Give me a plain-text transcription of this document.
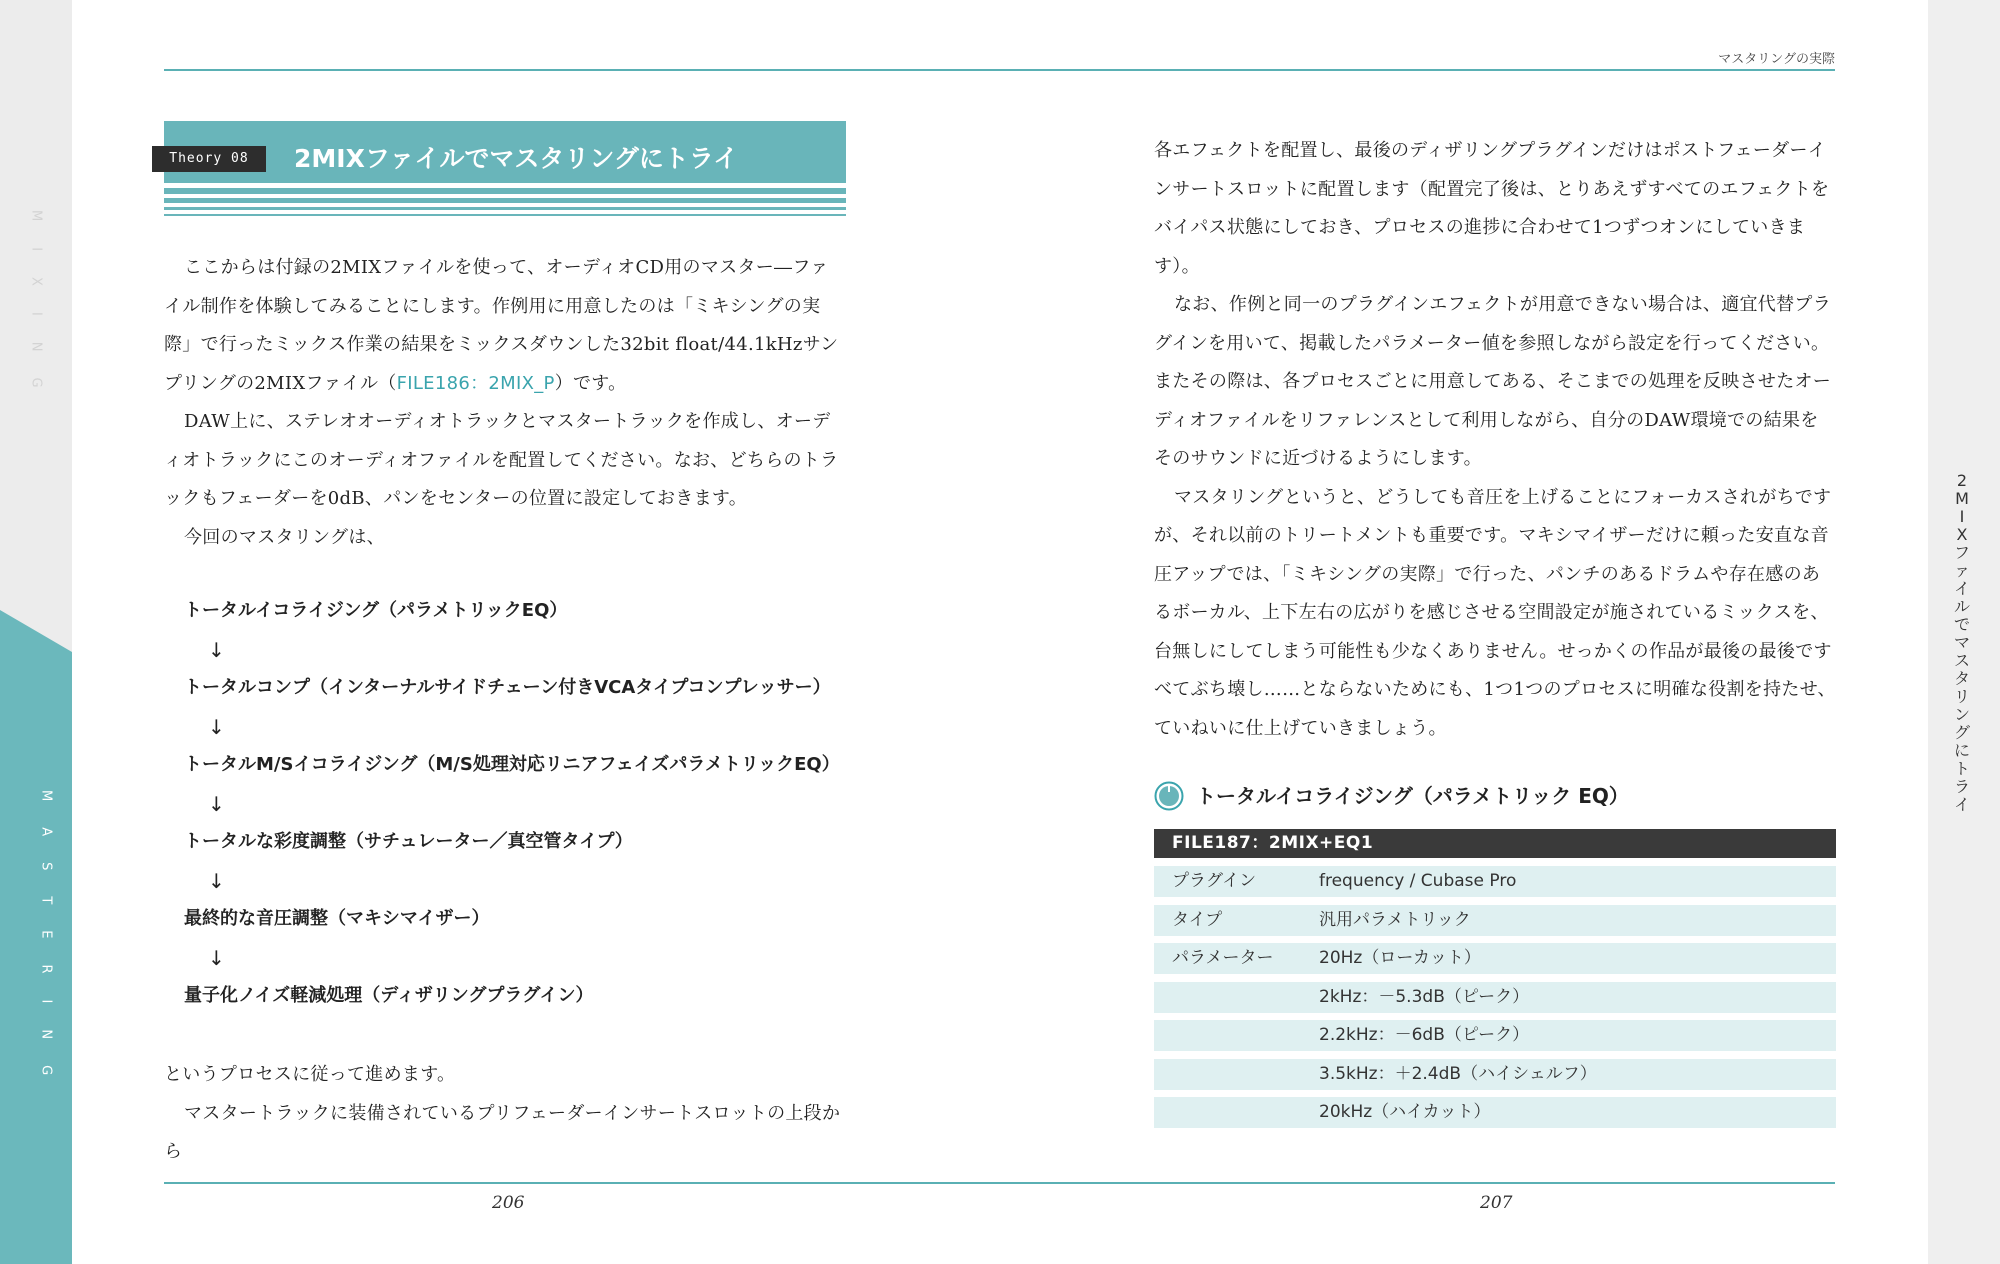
MIXING
MASTERING
2
M
I
X
フ
ァ
イ
ル
で
マ
ス
タ
リ
ン
グ
に
ト
ラ
イ
マスタリングの実際
206	207
Theory 08	2MIXファイルでマスタリングにトライ

ここからは付録の2MIXファイルを使って、オーディオCD用のマスター―ファイル制作を体験してみることにします。作例用に用意したのは「ミキシングの実際」で行ったミックス作業の結果をミックスダウンした32bit float/44.1kHzサンプリングの2MIXファイル（FILE186：2MIX_P）です。

DAW上に、ステレオオーディオトラックとマスタートラックを作成し、オーディオトラックにこのオーディオファイルを配置してください。なお、どちらのトラックもフェーダーを0dB、パンをセンターの位置に設定しておきます。

今回のマスタリングは、

トータルイコライジング（パラメトリックEQ）
↓
トータルコンプ（インターナルサイドチェーン付きVCAタイプコンプレッサー）
↓
トータルM/Sイコライジング（M/S処理対応リニアフェイズパラメトリックEQ）
↓
トータルな彩度調整（サチュレーター／真空管タイプ）
↓
最終的な音圧調整（マキシマイザー）
↓
量子化ノイズ軽減処理（ディザリングプラグイン）

というプロセスに従って進めます。

マスタートラックに装備されているプリフェーダーインサートスロットの上段から

各エフェクトを配置し、最後のディザリングプラグインだけはポストフェーダーインサートスロットに配置します（配置完了後は、とりあえずすべてのエフェクトをバイパス状態にしておき、プロセスの進捗に合わせて1つずつオンにしていきます）。

なお、作例と同一のプラグインエフェクトが用意できない場合は、適宜代替プラグインを用いて、掲載したパラメーター値を参照しながら設定を行ってください。またその際は、各プロセスごとに用意してある、そこまでの処理を反映させたオーディオファイルをリファレンスとして利用しながら、自分のDAW環境での結果をそのサウンドに近づけるようにします。

マスタリングというと、どうしても音圧を上げることにフォーカスされがちですが、それ以前のトリートメントも重要です。マキシマイザーだけに頼った安直な音圧アップでは、「ミキシングの実際」で行った、パンチのあるドラムや存在感のあるボーカル、上下左右の広がりを感じさせる空間設定が施されているミックスを、台無しにしてしまう可能性も少なくありません。せっかくの作品が最後の最後ですべてぶち壊し……とならないためにも、1つ1つのプロセスに明確な役割を持たせ、ていねいに仕上げていきましょう。

トータルイコライジング（パラメトリック EQ）
FILE187：2MIX+EQ1
プラグイン	frequency / Cubase Pro
タイプ	汎用パラメトリック
パラメーター	20Hz（ローカット）
2kHz：－5.3dB（ピーク）
2.2kHz：－6dB（ピーク）
3.5kHz：＋2.4dB（ハイシェルフ）
20kHz（ハイカット）
